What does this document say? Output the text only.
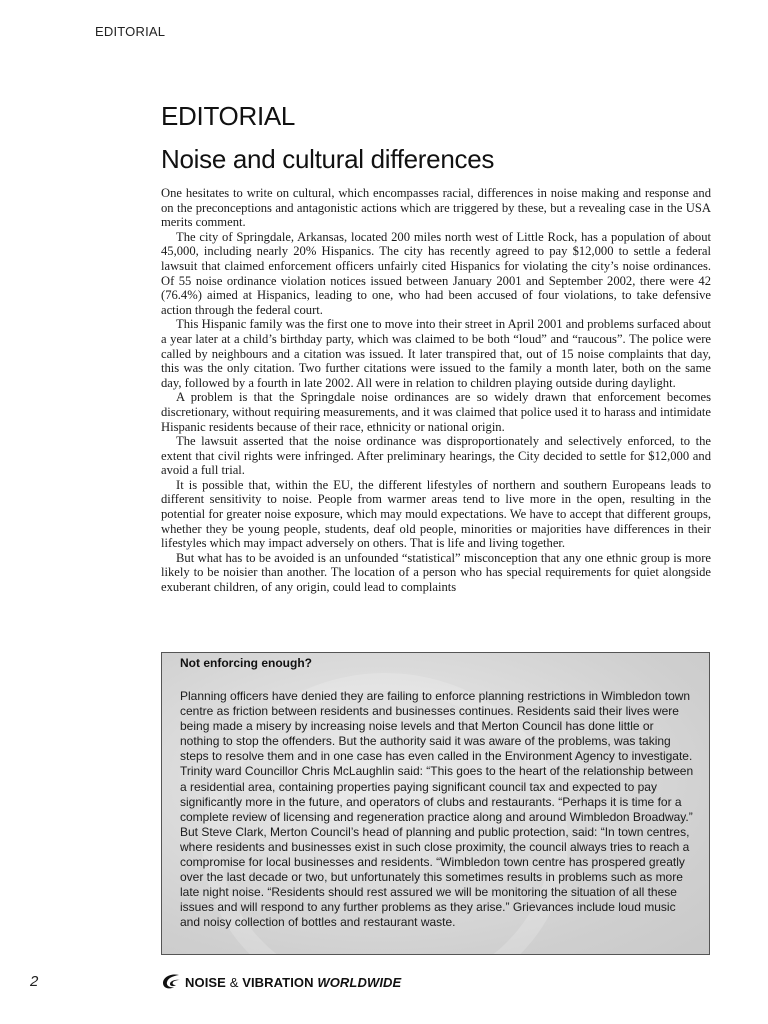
EDITORIAL
EDITORIAL
Noise and cultural differences

One hesitates to write on cultural, which encompasses racial, differences in noise making and response and on the preconceptions and antagonistic actions which are triggered by these, but a revealing case in the USA merits comment.

The city of Springdale, Arkansas, located 200 miles north west of Little Rock, has a population of about 45,000, including nearly 20% Hispanics. The city has recently agreed to pay $12,000 to settle a federal lawsuit that claimed enforcement officers unfairly cited Hispanics for violating the city’s noise ordinances. Of 55 noise ordinance violation notices issued between January 2001 and September 2002, there were 42 (76.4%) aimed at Hispanics, leading to one, who had been accused of four violations, to take defensive action through the federal court.

This Hispanic family was the first one to move into their street in April 2001 and problems surfaced about a year later at a child’s birthday party, which was claimed to be both “loud” and “raucous”. The police were called by neighbours and a citation was issued. It later transpired that, out of 15 noise complaints that day, this was the only citation. Two further citations were issued to the family a month later, both on the same day, followed by a fourth in late 2002. All were in relation to children playing outside during daylight.

A problem is that the Springdale noise ordinances are so widely drawn that enforcement becomes discretionary, without requiring measurements, and it was claimed that police used it to harass and intimidate Hispanic residents because of their race, ethnicity or national origin.

The lawsuit asserted that the noise ordinance was disproportionately and selectively enforced, to the extent that civil rights were infringed. After preliminary hearings, the City decided to settle for $12,000 and avoid a full trial.

It is possible that, within the EU, the different lifestyles of northern and southern Europeans leads to different sensitivity to noise. People from warmer areas tend to live more in the open, resulting in the potential for greater noise exposure, which may mould expectations. We have to accept that different groups, whether they be young people, students, deaf old people, minorities or majorities have differences in their lifestyles which may impact adversely on others. That is life and living together.

But what has to be avoided is an unfounded “statistical” misconception that any one ethnic group is more likely to be noisier than another. The location of a person who has special requirements for quiet alongside exuberant children, of any origin, could lead to complaints

Not enforcing enough?

Planning officers have denied they are failing to enforce planning restrictions in Wimbledon town centre as friction between residents and businesses continues. Residents said their lives were being made a misery by increasing noise levels and that Merton Council has done little or nothing to stop the offenders. But the authority said it was aware of the problems, was taking steps to resolve them and in one case has even called in the Environment Agency to investigate. Trinity ward Councillor Chris McLaughlin said: “This goes to the heart of the relationship between a residential area, containing properties paying significant council tax and expected to pay significantly more in the future, and operators of clubs and restaurants. “Perhaps it is time for a complete review of licensing and regeneration practice along and around Wimbledon Broadway.” But Steve Clark, Merton Council’s head of planning and public protection, said: “In town centres, where residents and businesses exist in such close proximity, the council always tries to reach a compromise for local businesses and residents. “Wimbledon town centre has prospered greatly over the last decade or two, but unfortunately this sometimes results in problems such as more late night noise. “Residents should rest assured we will be monitoring the situation of all these issues and will respond to any further problems as they arise.” Grievances include loud music and noisy collection of bottles and restaurant waste.

2	NOISE & VIBRATION WORLDWIDE
